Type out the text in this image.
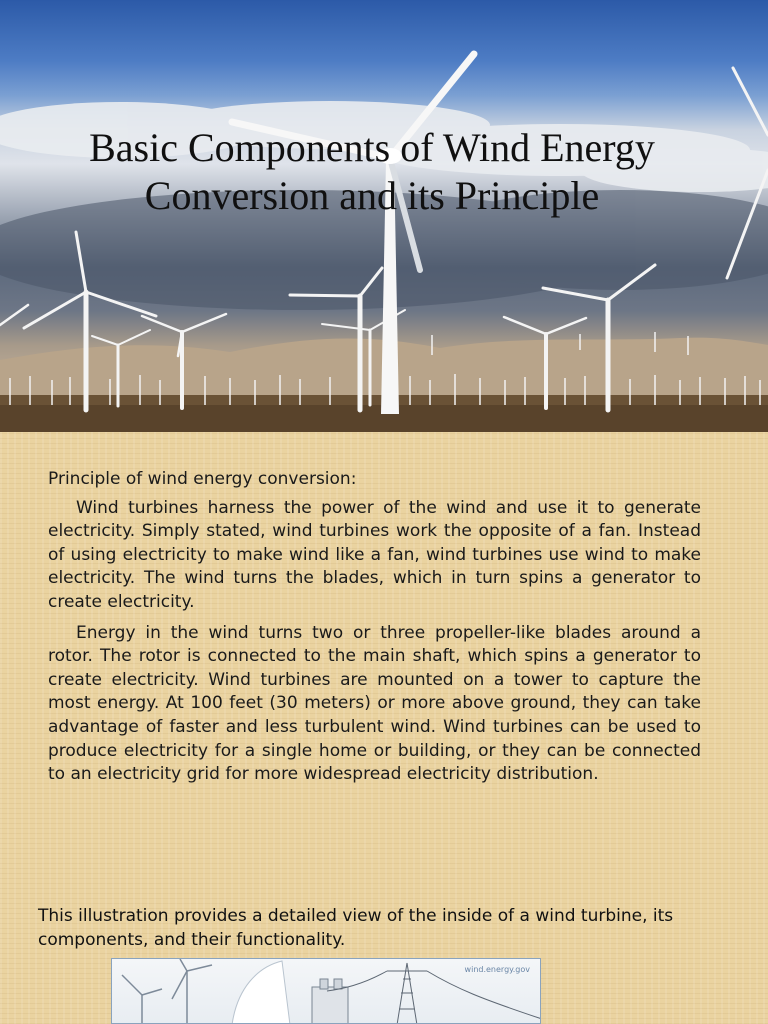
Basic Components of Wind Energy Conversion and its Principle

Principle of wind energy conversion:

Wind turbines harness the power of the wind and use it to generate electricity. Simply stated, wind turbines work the opposite of a fan. Instead of using electricity to make wind like a fan, wind turbines use wind to make electricity. The wind turns the blades, which in turn spins a generator to create electricity.

Energy in the wind turns two or three propeller-like blades around a rotor. The rotor is connected to the main shaft, which spins a generator to create electricity. Wind turbines are mounted on a tower to capture the most energy. At 100 feet (30 meters) or more above ground, they can take advantage of faster and less turbulent wind. Wind turbines can be used to produce electricity for a single home or building, or they can be connected to an electricity grid for more widespread electricity distribution.

This illustration provides a detailed view of the inside of a wind turbine, its components, and their functionality.

wind.energy.gov
